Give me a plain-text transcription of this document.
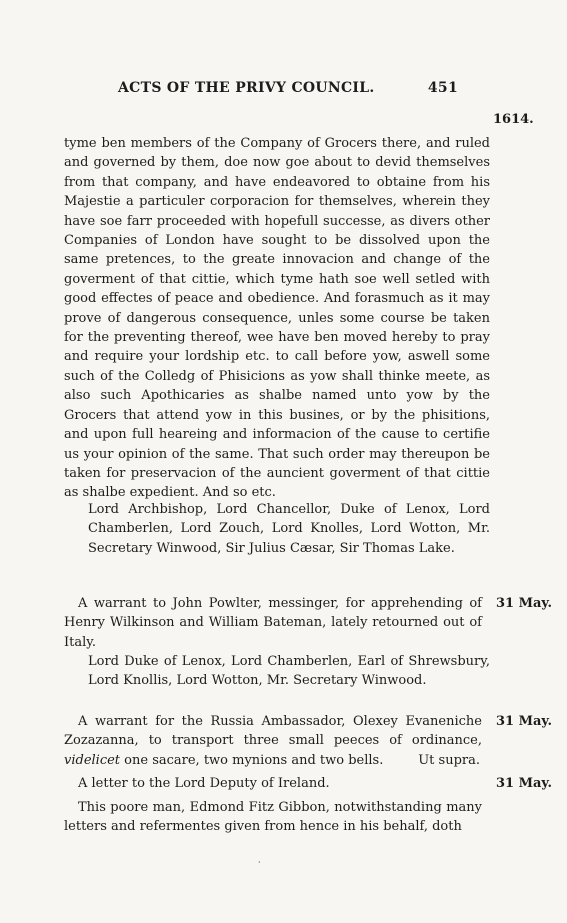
ACTS OF THE PRIVY COUNCIL.	451
1614.
tyme ben members of the Company of Grocers there, and ruled and governed by them, doe now goe about to devid themselves from that company, and have endeavored to obtaine from his Majestie a particuler corporacion for themselves, wherein they have soe farr proceeded with hopefull successe, as divers other Companies of London have sought to be dissolved upon the same pretences, to the greate innovacion and change of the goverment of that cittie, which tyme hath soe well setled with good effectes of peace and obedience. And forasmuch as it may prove of dangerous consequence, unles some course be taken for the preventing thereof, wee have ben moved hereby to pray and require your lordship etc. to call before yow, aswell some such of the Colledg of Phisicions as yow shall thinke meete, as also such Apothicaries as shalbe named unto yow by the Grocers that attend yow in this busines, or by the phisitions, and upon full heareing and informacion of the cause to certifie us your opinion of the same. That such order may thereupon be taken for preservacion of the auncient goverment of that cittie as shalbe expedient. And so etc.
Lord Archbishop, Lord Chancellor, Duke of Lenox, Lord Chamberlen, Lord Zouch, Lord Knolles, Lord Wotton, Mr. Secretary Winwood, Sir Julius Cæsar, Sir Thomas Lake.
A warrant to John Powlter, messinger, for apprehending of Henry Wilkinson and William Bateman, lately retourned out of Italy.
31 May.
Lord Duke of Lenox, Lord Chamberlen, Earl of Shrewsbury, Lord Knollis, Lord Wotton, Mr. Secretary Winwood.
A warrant for the Russia Ambassador, Olexey Evaneniche Zozazanna, to transport three small peeces of ordinance, videlicet one sacare, two mynions and two bells.	Ut supra.
31 May.
A letter to the Lord Deputy of Ireland.	31 May.
This poore man, Edmond Fitz Gibbon, notwithstanding many letters and refermentes given from hence in his behalf, doth
·
